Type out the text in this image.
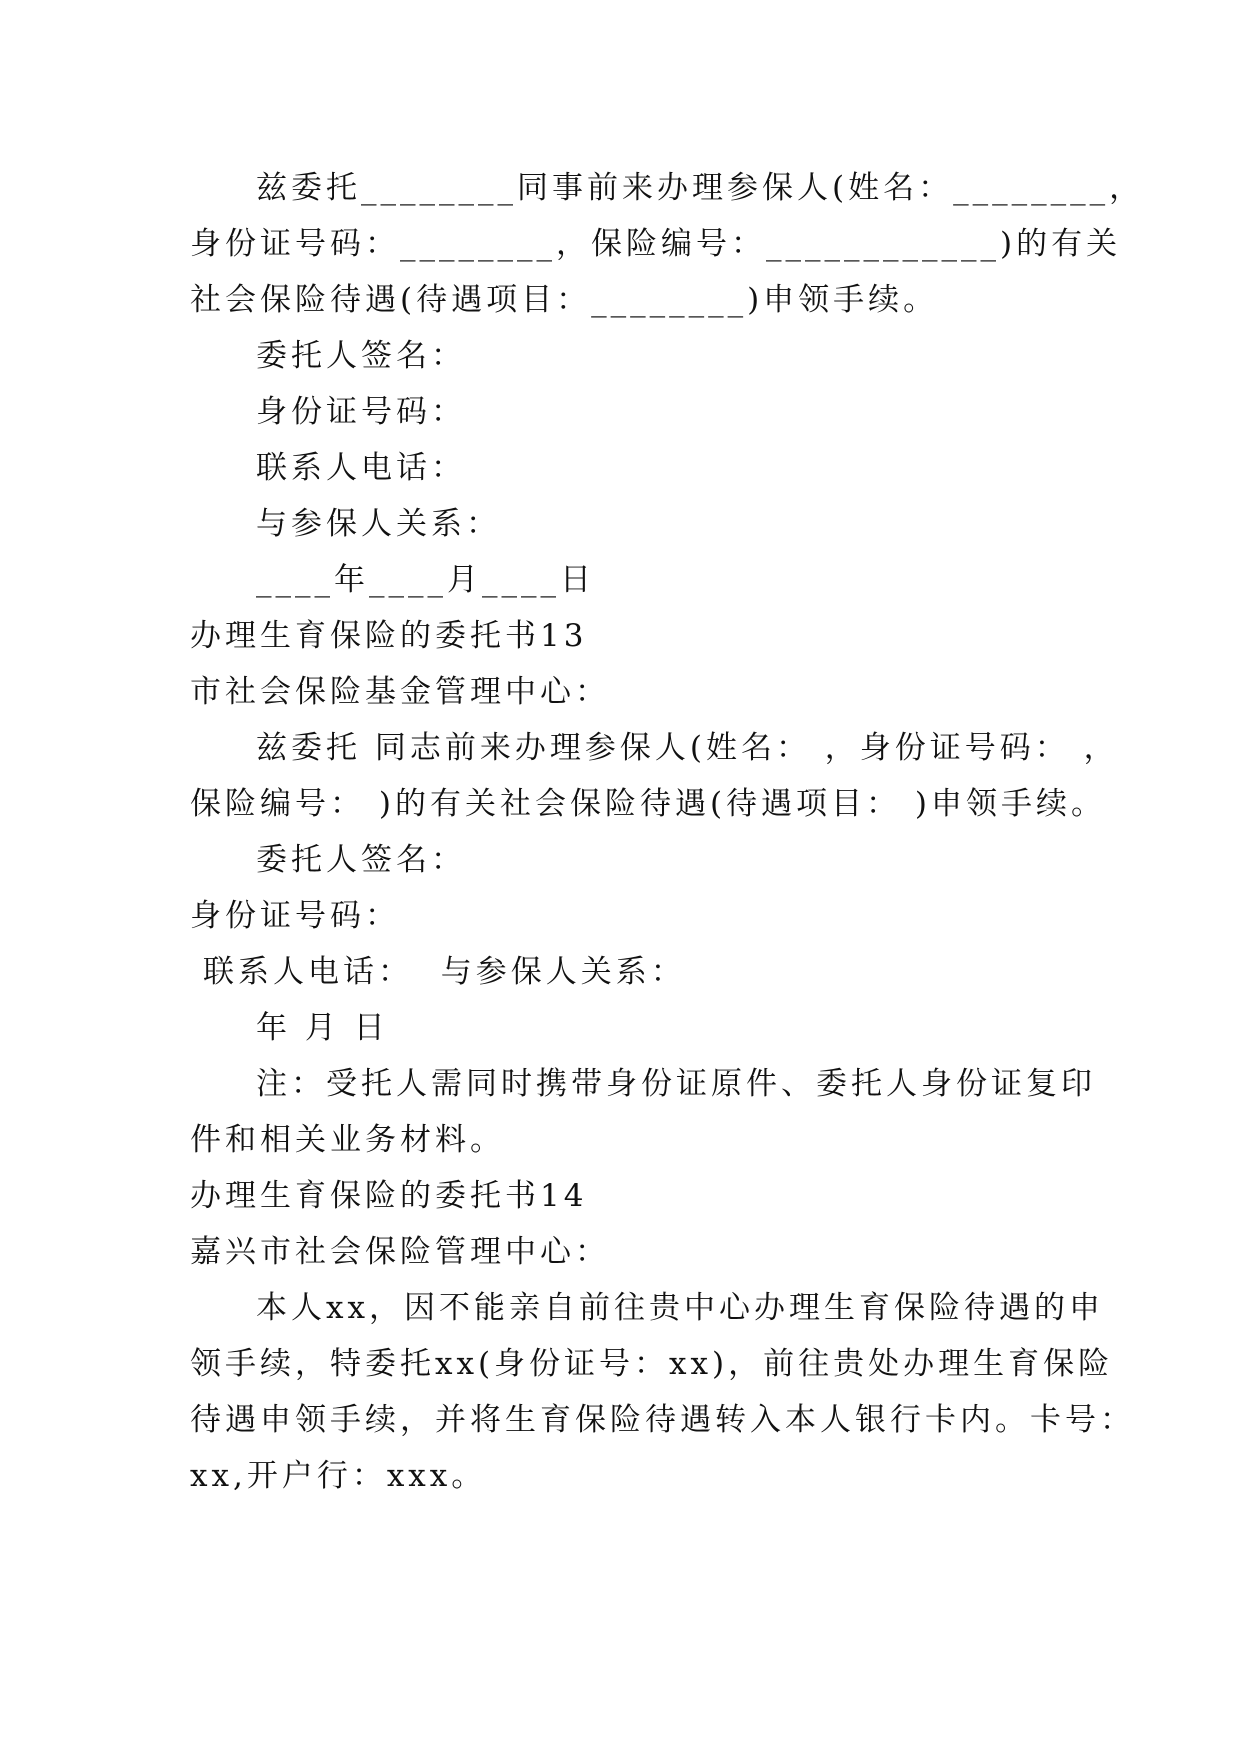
兹委托________同事前来办理参保人(姓名：________，
身份证号码：________，保险编号：____________)的有关
社会保险待遇(待遇项目：________)申领手续。
委托人签名：
身份证号码：
联系人电话：
与参保人关系：
____年____月____日
办理生育保险的委托书13
市社会保险基金管理中心：
兹委托 同志前来办理参保人(姓名： ，身份证号码： ，
保险编号： )的有关社会保险待遇(待遇项目： )申领手续。
委托人签名：
身份证号码：
联系人电话：  与参保人关系：
年 月 日
注：受托人需同时携带身份证原件、委托人身份证复印
件和相关业务材料。
办理生育保险的委托书14
嘉兴市社会保险管理中心：
本人xx，因不能亲自前往贵中心办理生育保险待遇的申
领手续，特委托xx(身份证号：xx)，前往贵处办理生育保险
待遇申领手续，并将生育保险待遇转入本人银行卡内。卡号：
xx,开户行：xxx。
